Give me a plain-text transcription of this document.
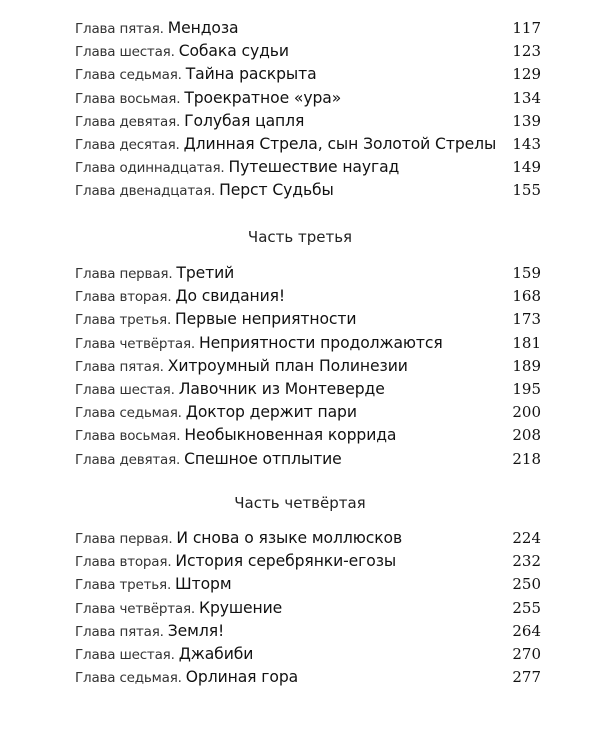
Глава пятая . Мендоза	117
Глава шестая . Собака судьи	123
Глава седьмая . Тайна раскрыта	129
Глава восьмая . Троекратное «ура»	134
Глава девятая . Голубая цапля	139
Глава десятая . Длинная Стрела, сын Золотой Стрелы 143
Глава одиннадцатая . Путешествие наугад	149
Глава двенадцатая . Перст Судьбы	155
Часть третья
Глава первая . Третий	159
Глава вторая . До свидания!	168
Глава третья . Первые неприятности	173
Глава четвёртая . Неприятности продолжаются	181
Глава пятая . Хитроумный план Полинезии	189
Глава шестая . Лавочник из Монтеверде	195
Глава седьмая . Доктор держит пари	200
Глава восьмая . Необыкновенная коррида	208
Глава девятая . Спешное отплытие	218
Часть четвёртая
Глава первая . И снова о языке моллюсков	224
Глава вторая . История серебрянки-егозы	232
Глава третья . Шторм	250
Глава четвёртая . Крушение	255
Глава пятая . Земля!	264
Глава шестая . Джабиби	270
Глава седьмая . Орлиная гора	277
